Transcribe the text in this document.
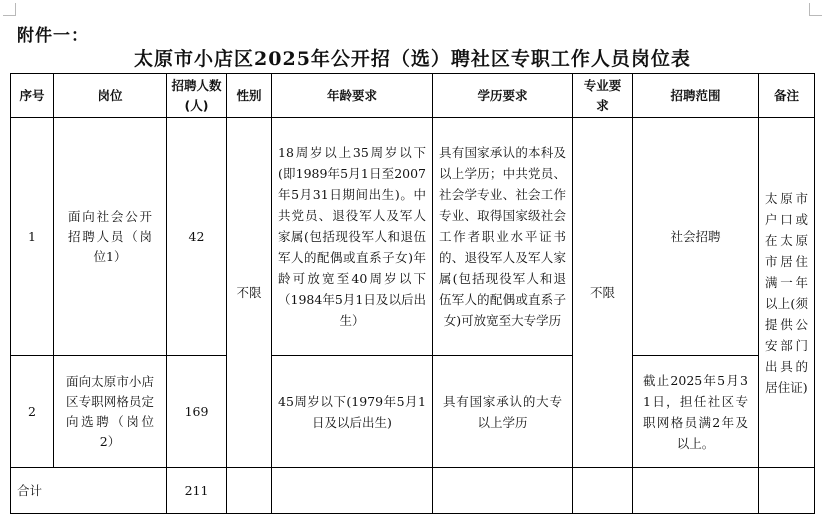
附件一：
太原市小店区2025年公开招（选）聘社区专职工作人员岗位表
序号	岗位	招聘人数(人)	性别	年龄要求	学历要求	专业要求	招聘范围	备注
1	面向社会公开招聘人员（岗位1）	42	不限	18周岁以上35周岁以下(即1989年5月1日至2007年5月31日期间出生)。中共党员、退役军人及军人家属(包括现役军人和退伍军人的配偶或直系子女)年龄可放宽至40周岁以下（1984年5月1日及以后出生）	具有国家承认的本科及以上学历；中共党员、社会学专业、社会工作专业、取得国家级社会工作者职业水平证书的、退役军人及军人家属(包括现役军人和退伍军人的配偶或直系子女)可放宽至大专学历	不限	社会招聘	太原市户口或在太原市居住满一年以上(须提供公安部门出具的居住证)

2	面向太原市小店区专职网格员定向选聘（岗位2）	169		45周岁以下(1979年5月1日及以后出生)	具有国家承认的大专以上学历		截止2025年5月31日，担任社区专职网格员满2年及以上。	

合计		211						
